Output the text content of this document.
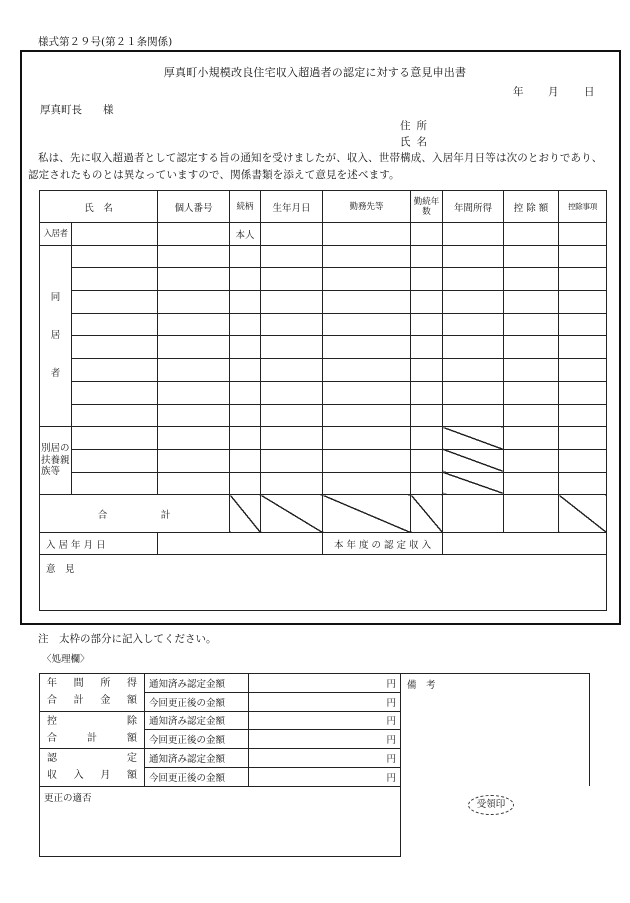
様式第２９号(第２１条関係)
厚真町小規模改良住宅収入超過者の認定に対する意見申出書
年 月 日
厚真町長　　様
住所
氏名
私は、先に収入超過者として認定する旨の通知を受けましたが、収入、世帯構成、入居年月日等は次のとおりであり、認定されたものとは異なっていますので、関係書類を添えて意見を述べます。
氏　名		個人番号	続柄	生年月日	勤務先等	勤続年数	年間所得	控 除 額	控除事項
入居者			本人						

同
居
者									

別居の扶養親族等									

合　　　　　計									
入 居 年 月 日					本 年 度 の 認 定 収 入				
意　見									
注　太枠の部分に記入してください。
〈処理欄〉
年間所得
合計金額	通知済み認定金額	円	備　考
	今回更正後の金額	円	

控除
合計額	通知済み認定金額	円	
	今回更正後の金額	円	

認定
収入月額	通知済み認定金額	円	
	今回更正後の金額	円	
更正の適否			
受領印
